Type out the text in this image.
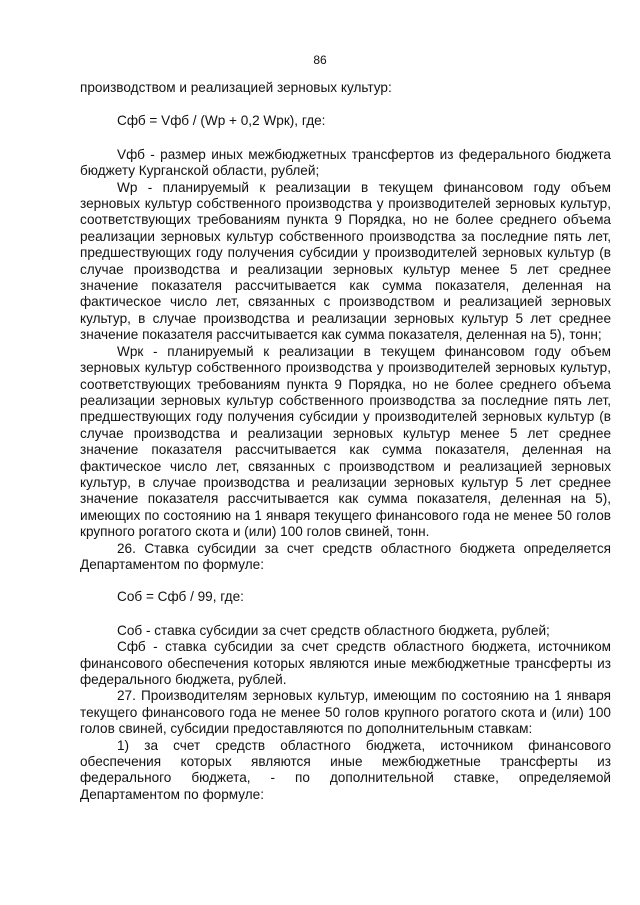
86

производством и реализацией зерновых культур:

Сфб = Vфб / (Wp + 0,2 Wpк), где:

Vфб - размер иных межбюджетных трансфертов из федерального бюджета бюджету Курганской области, рублей;

Wp - планируемый к реализации в текущем финансовом году объем зерновых культур собственного производства у производителей зерновых культур, соответствующих требованиям пункта 9 Порядка, но не более среднего объема реализации зерновых культур собственного производства за последние пять лет, предшествующих году получения субсидии у производителей зерновых культур (в случае производства и реализации зерновых культур менее 5 лет среднее значение показателя рассчитывается как сумма показателя, деленная на фактическое число лет, связанных с производством и реализацией зерновых культур, в случае производства и реализации зерновых культур 5 лет среднее значение показателя рассчитывается как сумма показателя, деленная на 5), тонн;

Wpк - планируемый к реализации в текущем финансовом году объем зерновых культур собственного производства у производителей зерновых культур, соответствующих требованиям пункта 9 Порядка, но не более среднего объема реализации зерновых культур собственного производства за последние пять лет, предшествующих году получения субсидии у производителей зерновых культур (в случае производства и реализации зерновых культур менее 5 лет среднее значение показателя рассчитывается как сумма показателя, деленная на фактическое число лет, связанных с производством и реализацией зерновых культур, в случае производства и реализации зерновых культур 5 лет среднее значение показателя рассчитывается как сумма показателя, деленная на 5), имеющих по состоянию на 1 января текущего финансового года не менее 50 голов крупного рогатого скота и (или) 100 голов свиней, тонн.

26. Ставка субсидии за счет средств областного бюджета определяется Департаментом по формуле:

Соб = Сфб / 99, где:

Соб - ставка субсидии за счет средств областного бюджета, рублей;

Сфб - ставка субсидии за счет средств областного бюджета, источником финансового обеспечения которых являются иные межбюджетные трансферты из федерального бюджета, рублей.

27. Производителям зерновых культур, имеющим по состоянию на 1 января текущего финансового года не менее 50 голов крупного рогатого скота и (или) 100 голов свиней, субсидии предоставляются по дополнительным ставкам:

1) за счет средств областного бюджета, источником финансового обеспечения которых являются иные межбюджетные трансферты из федерального бюджета, - по дополнительной ставке, определяемой Департаментом по формуле:
